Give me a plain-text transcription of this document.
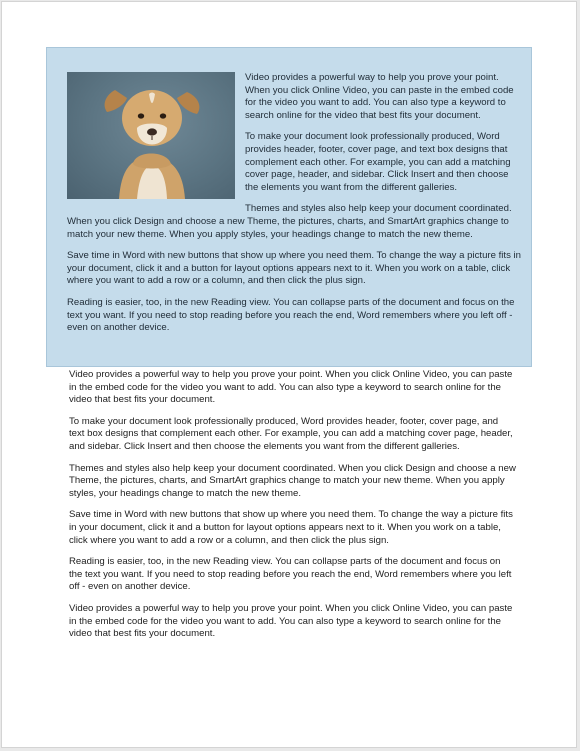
Video provides a powerful way to help you prove your point. When you click Online Video, you can paste in the embed code for the video you want to add. You can also type a keyword to search online for the video that best fits your document.

To make your document look professionally produced, Word provides header, footer, cover page, and text box designs that complement each other. For example, you can add a matching cover page, header, and sidebar. Click Insert and then choose the elements you want from the different galleries.

Themes and styles also help keep your document coordinated. When you click Design and choose a new Theme, the pictures, charts, and SmartArt graphics change to match your new theme. When you apply styles, your headings change to match the new theme.

Save time in Word with new buttons that show up where you need them. To change the way a picture fits in your document, click it and a button for layout options appears next to it. When you work on a table, click where you want to add a row or a column, and then click the plus sign.

Reading is easier, too, in the new Reading view. You can collapse parts of the document and focus on the text you want. If you need to stop reading before you reach the end, Word remembers where you left off - even on another device.

Video provides a powerful way to help you prove your point. When you click Online Video, you can paste in the embed code for the video you want to add. You can also type a keyword to search online for the video that best fits your document.

To make your document look professionally produced, Word provides header, footer, cover page, and text box designs that complement each other. For example, you can add a matching cover page, header, and sidebar. Click Insert and then choose the elements you want from the different galleries.

Themes and styles also help keep your document coordinated. When you click Design and choose a new Theme, the pictures, charts, and SmartArt graphics change to match your new theme. When you apply styles, your headings change to match the new theme.

Save time in Word with new buttons that show up where you need them. To change the way a picture fits in your document, click it and a button for layout options appears next to it. When you work on a table, click where you want to add a row or a column, and then click the plus sign.

Reading is easier, too, in the new Reading view. You can collapse parts of the document and focus on the text you want. If you need to stop reading before you reach the end, Word remembers where you left off - even on another device.

Video provides a powerful way to help you prove your point. When you click Online Video, you can paste in the embed code for the video you want to add. You can also type a keyword to search online for the video that best fits your document.
